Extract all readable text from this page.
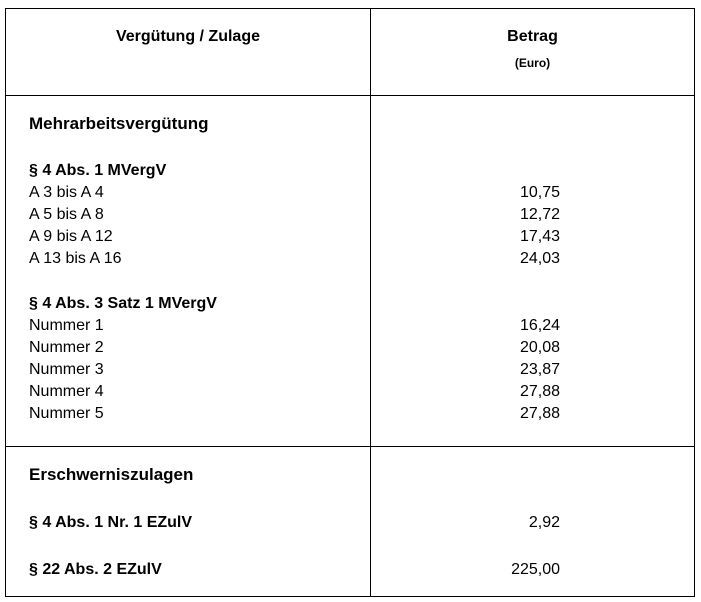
Vergütung / Zulage	Betrag
(Euro)
Mehrarbeitsvergütung
§ 4 Abs. 1 MVergV
A 3 bis A 4	10,75
A 5 bis A 8	12,72
A 9 bis A 12	17,43
A 13 bis A 16	24,03
§ 4 Abs. 3 Satz 1 MVergV
Nummer 1	16,24
Nummer 2	20,08
Nummer 3	23,87
Nummer 4	27,88
Nummer 5	27,88
Erschwerniszulagen
§ 4 Abs. 1 Nr. 1 EZulV	2,92
§ 22 Abs. 2 EZulV	225,00
